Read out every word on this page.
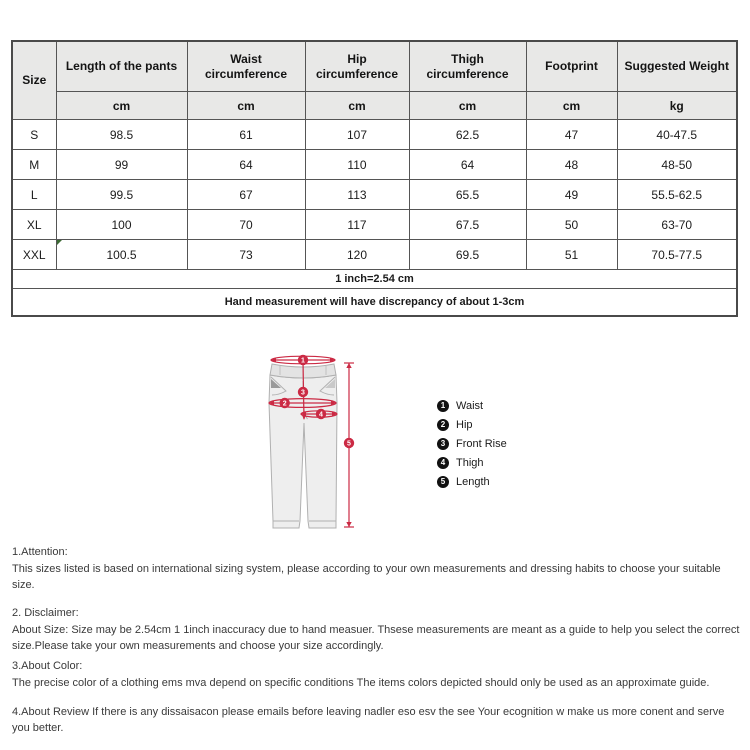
Size	Length of the pants	Waist circumference	Hip circumference	Thigh circumference	Footprint	Suggested Weight
	cm	cm	cm	cm	cm	kg
S	98.5	61	107	62.5	47	40-47.5
M	99	64	110	64	48	48-50
L	99.5	67	113	65.5	49	55.5-62.5
XL	100	70	117	67.5	50	63-70
XXL	100.5	73	120	69.5	51	70.5-77.5
1 inch=2.54 cm						
Hand measurement will have discrepancy of about 1-3cm						
1
2
3
4
5
1 Waist
2 Hip
3 Front Rise
4 Thigh
5 Length

1.Attention:

This sizes listed is based on international sizing system, please according to your own measurements and dressing habits to choose your suitable size.

2. Disclaimer:

About Size: Size may be 2.54cm 1 1inch inaccuracy due to hand measuer. Thsese measurements are meant as a guide to help you select the correct size.Please take your own measurements and choose your size accordingly.

3.About Color:

The precise color of a clothing ems mva depend on specific conditions The items colors depicted should only be used as an approximate guide.

4.About Review If there is any dissaisacon please emails before leaving nadler eso esv the see Your ecognition w make us more conent and serve you better.
